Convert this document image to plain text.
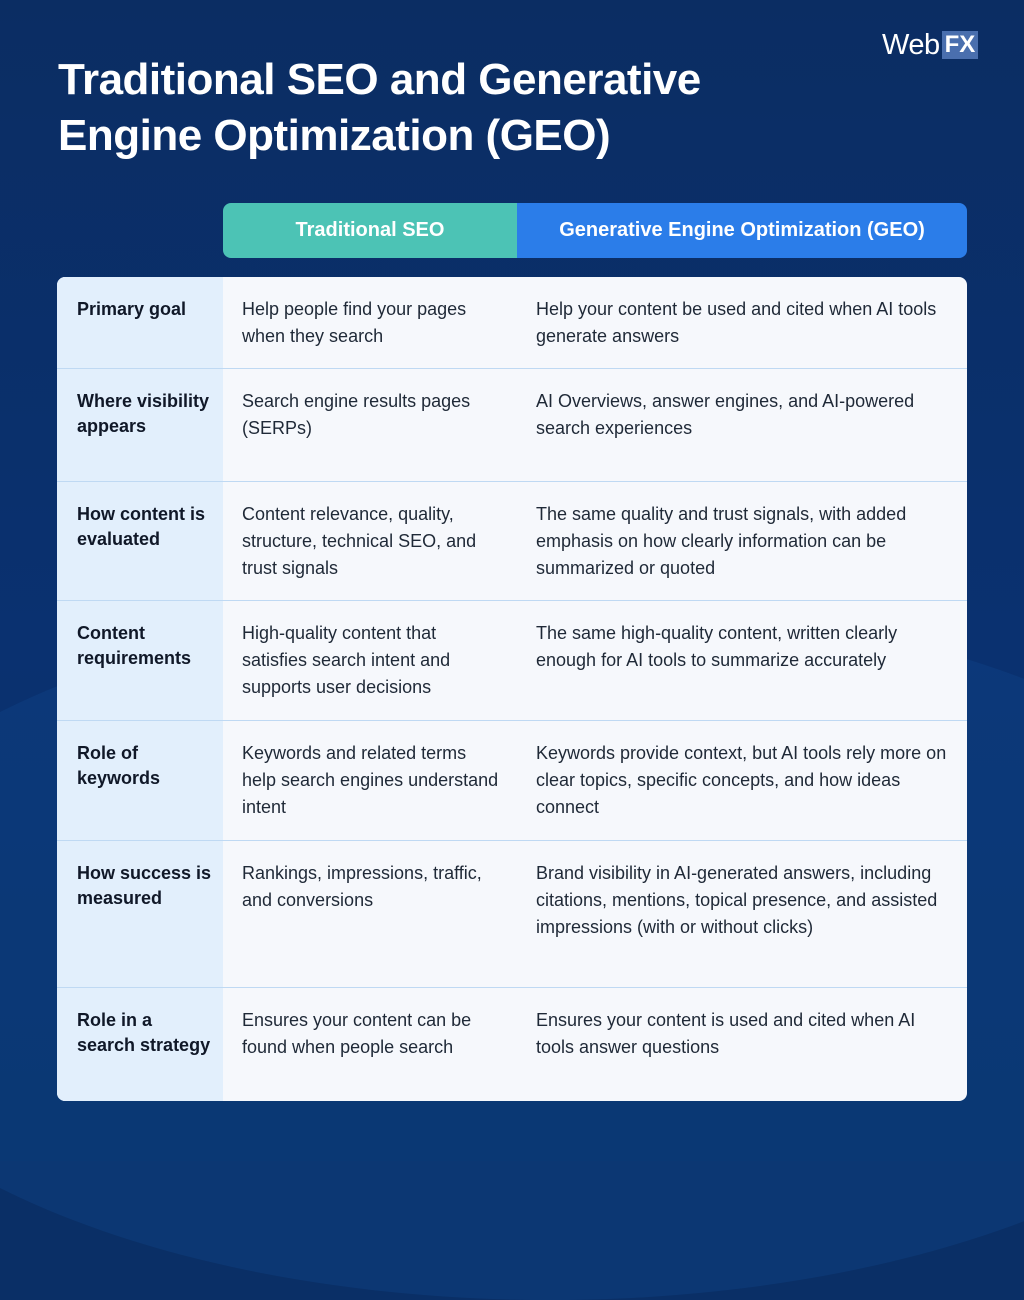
Traditional SEO and Generative Engine Optimization (GEO)
Web FX
Traditional SEO	Generative Engine Optimization (GEO)
Primary goal	Help people find your pages when they search
Help your content be used and cited when AI tools generate answers
Where visibility appears
Search engine results pages (SERPs)
AI Overviews, answer engines, and AI-powered search experiences
How content is evaluated
Content relevance, quality, structure, technical SEO, and trust signals
The same quality and trust signals, with added emphasis on how clearly information can be summarized or quoted
Content requirements
High-quality content that satisfies search intent and supports user decisions
The same high-quality content, written clearly enough for AI tools to summarize accurately
Role of keywords
Keywords and related terms help search engines understand intent
Keywords provide context, but AI tools rely more on clear topics, specific concepts, and how ideas connect
How success is measured
Rankings, impressions, traffic, and conversions
Brand visibility in AI-generated answers, including citations, mentions, topical presence, and assisted impressions (with or without clicks)
Role in a search strategy
Ensures your content can be found when people search
Ensures your content is used and cited when AI tools answer questions
